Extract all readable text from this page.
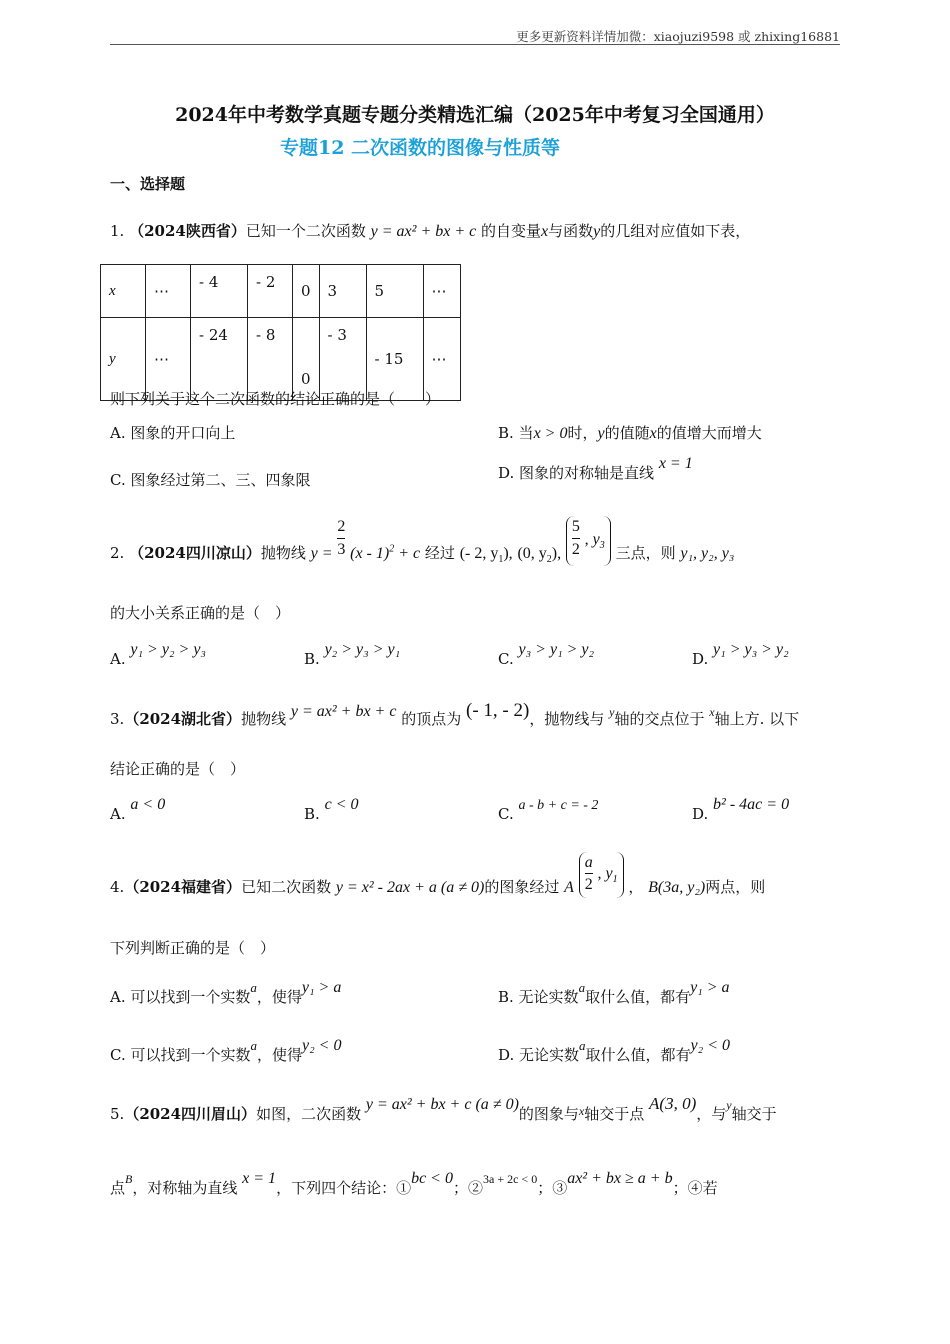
更多更新资料详情加微：xiaojuzi9598 或 zhixing16881
2024年中考数学真题专题分类精选汇编（2025年中考复习全国通用）
专题12 二次函数的图像与性质等
一、选择题
1. （2024陕西省）已知一个二次函数 y = ax² + bx + c 的自变量x与函数y的几组对应值如下表，
x	⋯	- 4	- 2	0	3	5	⋯
y	⋯	- 24	- 8	0	- 3	- 15	⋯
则下列关于这个二次函数的结论正确的是（　　）
A. 图象的开口向上	B. 当x > 0时，y的值随x的值增大而增大
C. 图象经过第二、三、四象限	D. 图象的对称轴是直线 x = 1
2. （2024四川凉山）抛物线 $y = \frac{2}{3} (x - 1)^2 + c$ 经过 (- 2, $y_1$), (0, $y_2$), $\frac{5}{2}$ , $y_3$ 三点，则 y₁, y₂, y₃
的大小关系正确的是（　）
A. y₁ > y₂ > y₃
B. y₂ > y₃ > y₁
C. y₃ > y₁ > y₂
D. y₁ > y₃ > y₂
3.（2024湖北省）抛物线 y = ax² + bx + c 的顶点为 (- 1, - 2)，抛物线与 y轴的交点位于 x轴上方. 以下
结论正确的是（　）
A. a < 0
B. c < 0
C. a - b + c = - 2	D. b² - 4ac = 0
4.（2024福建省）已知二次函数 y = x² - 2ax + a (a ≠ 0)的图象经过 A $\frac{a}{2}$ , $y_1$ ， B(3a, y₂)两点，则
下列判断正确的是（　）
A. 可以找到一个实数a，使得y₁ > a
B. 无论实数a取什么值，都有y₁ > a
C. 可以找到一个实数a，使得y₂ < 0
D. 无论实数a取什么值，都有y₂ < 0
5.（2024四川眉山）如图，二次函数 y = ax² + bx + c (a ≠ 0)的图象与$_x$轴交于点 A(3, 0)，与y轴交于
点B，对称轴为直线 x = 1，下列四个结论：①bc < 0；②3a + 2c < 0；③ax² + bx ≥ a + b；④若
